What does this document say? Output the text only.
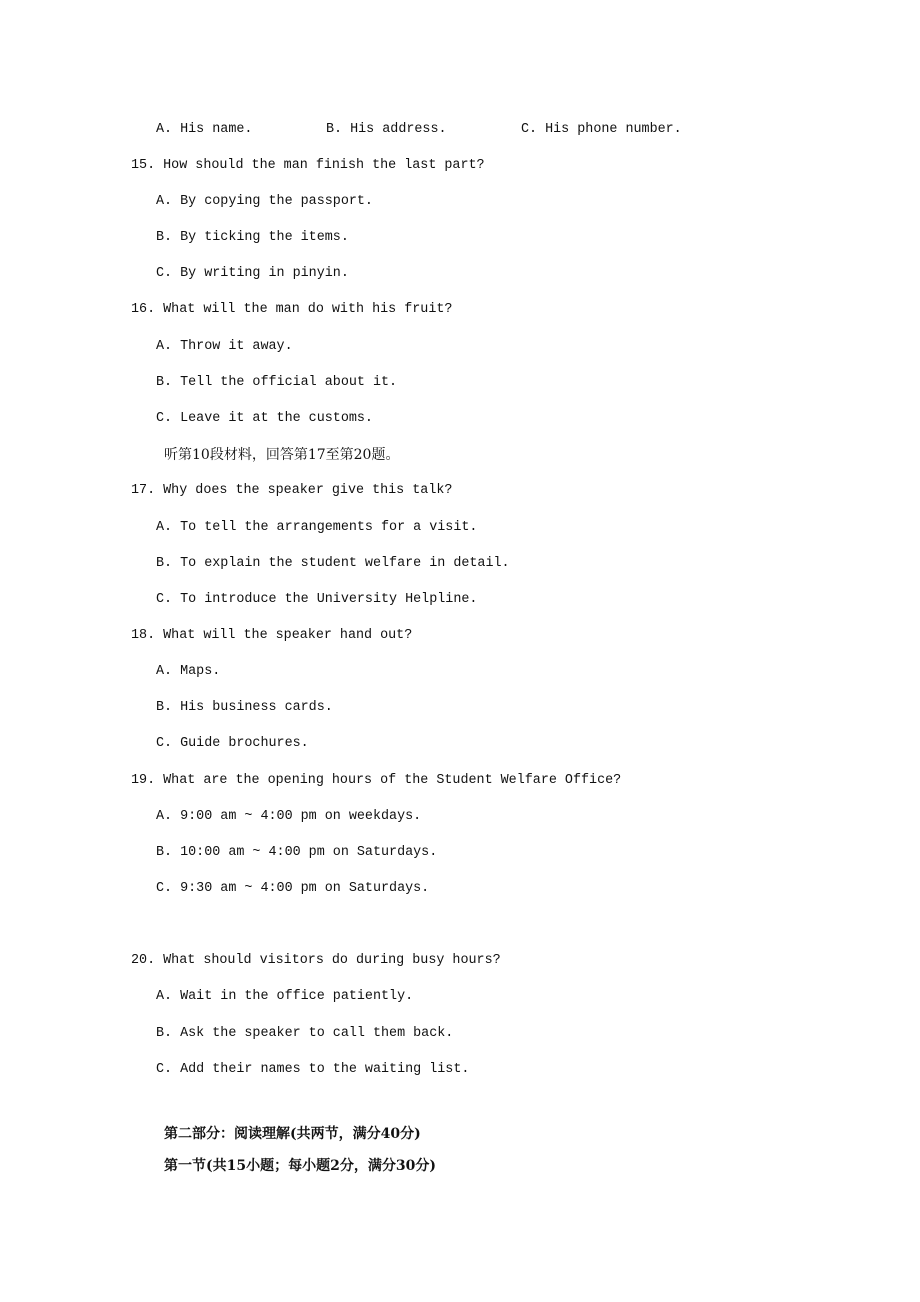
A. His name.	B. His address.	C. His phone number.
15. How should the man finish the last part?
A. By copying the passport.
B. By ticking the items.
C. By writing in pinyin.
16. What will the man do with his fruit?
A. Throw it away.
B. Tell the official about it.
C. Leave it at the customs.
听第10段材料，回答第17至第20题。
17. Why does the speaker give this talk?
A. To tell the arrangements for a visit.
B. To explain the student welfare in detail.
C. To introduce the University Helpline.
18. What will the speaker hand out?
A. Maps.
B. His business cards.
C. Guide brochures.
19. What are the opening hours of the Student Welfare Office?
A. 9:00 am ~ 4:00 pm on weekdays.
B. 10:00 am ~ 4:00 pm on Saturdays.
C. 9:30 am ~ 4:00 pm on Saturdays.
20. What should visitors do during busy hours?
A. Wait in the office patiently.
B. Ask the speaker to call them back.
C. Add their names to the waiting list.
第二部分：阅读理解(共两节，满分40分)
第一节(共15小题；每小题2分，满分30分)
